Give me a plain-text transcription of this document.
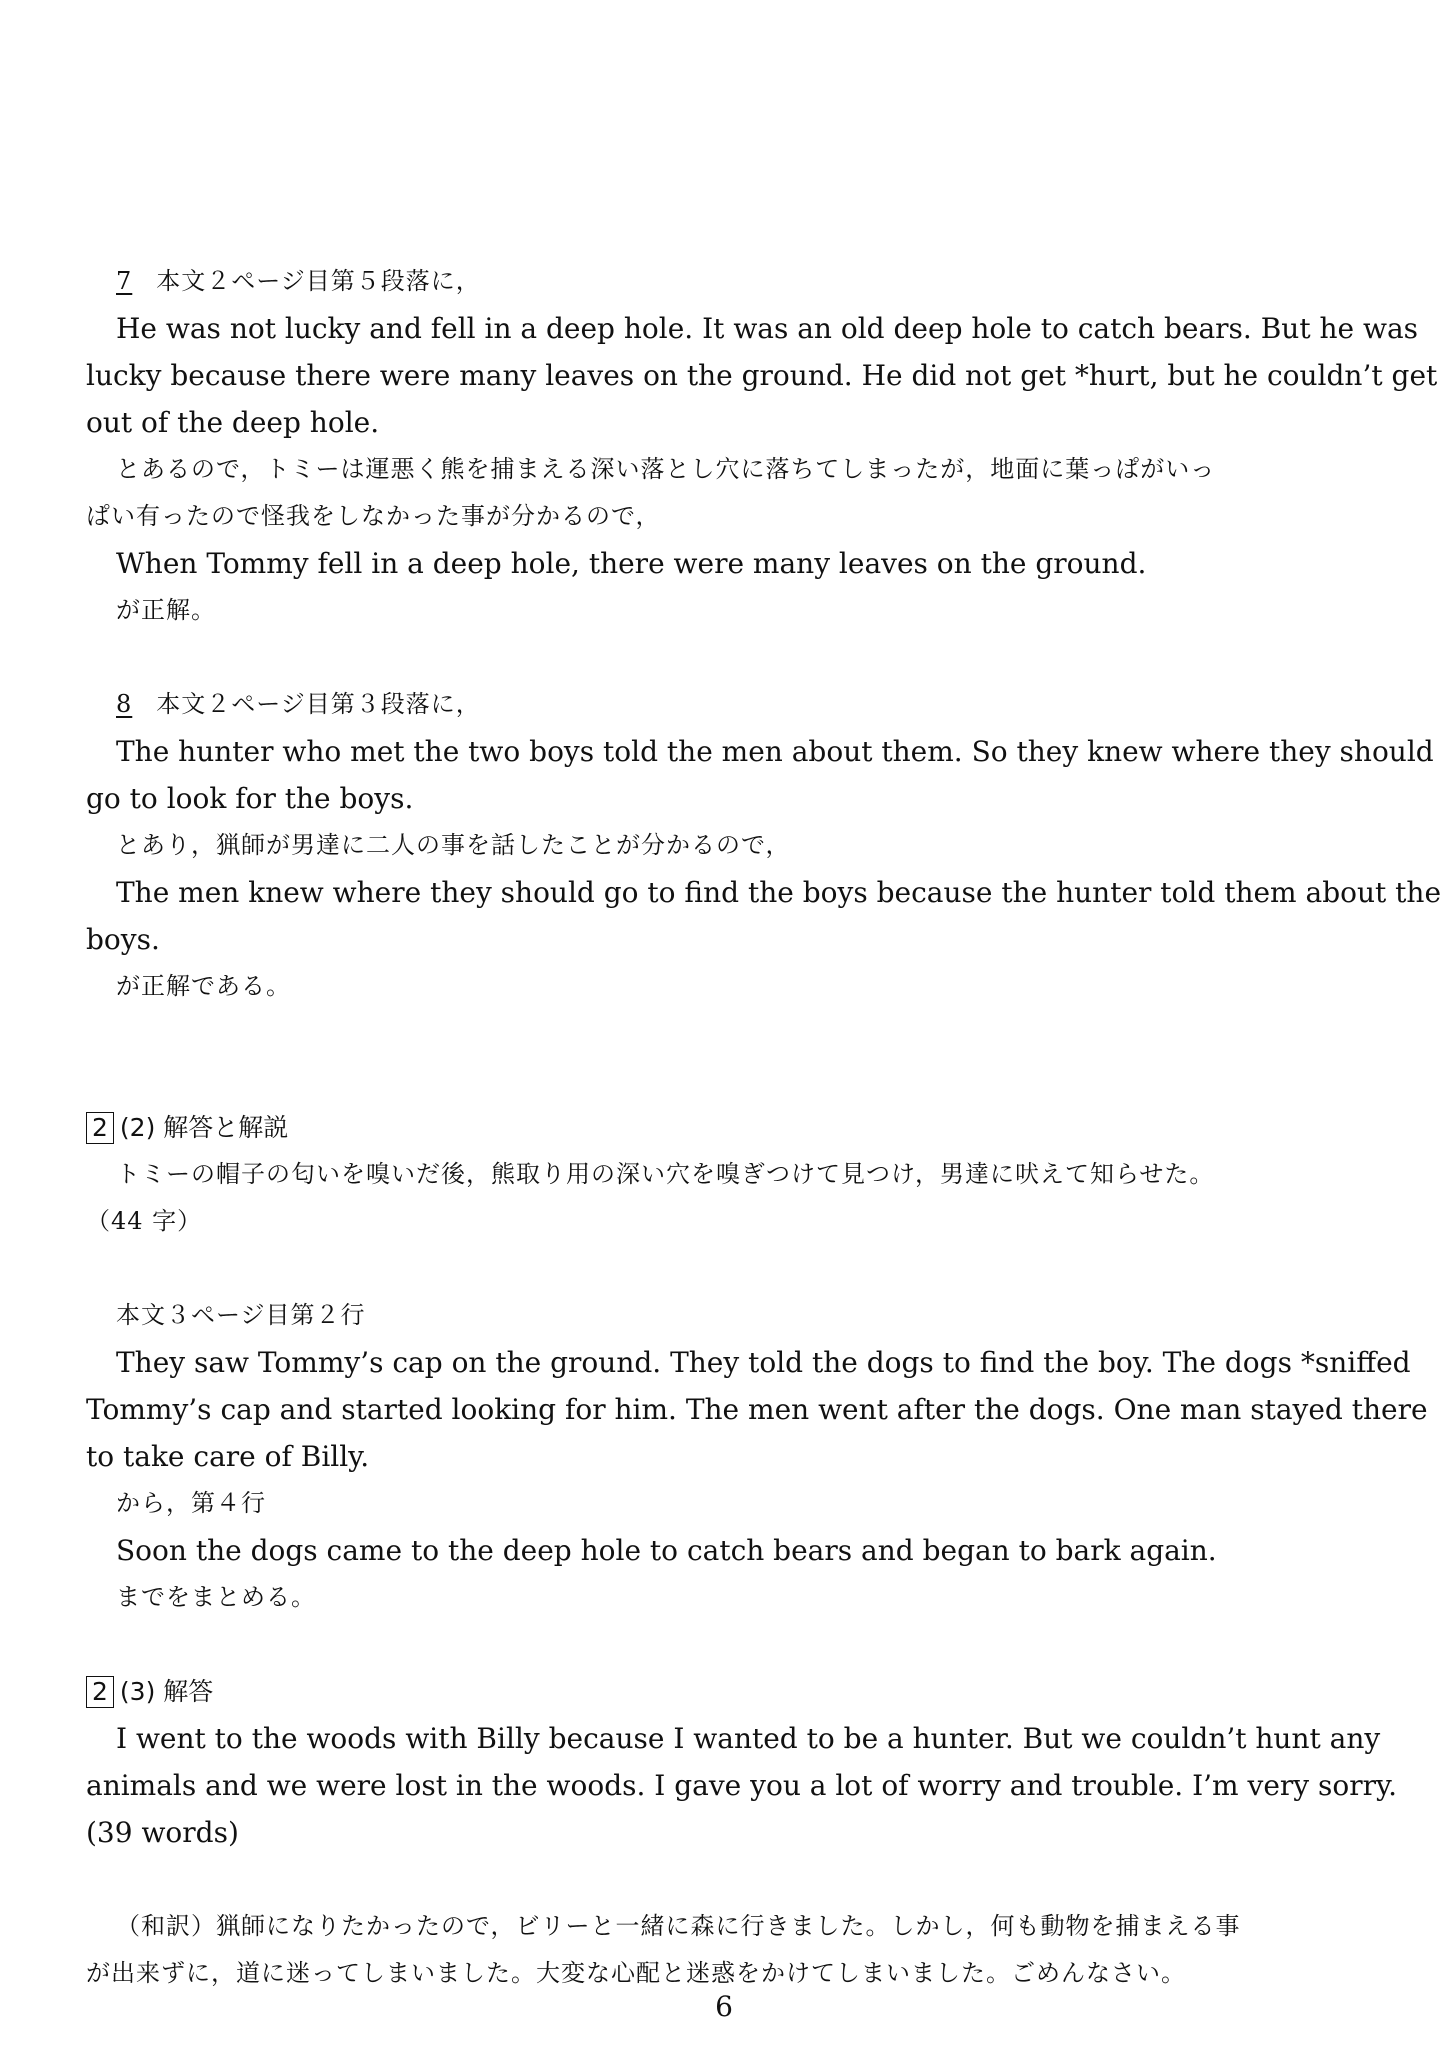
7 本文２ページ目第５段落に，
He was not lucky and fell in a deep hole. It was an old deep hole to catch bears. But he was
lucky because there were many leaves on the ground. He did not get *hurt, but he couldn’t get
out of the deep hole.
とあるので，トミーは運悪く熊を捕まえる深い落とし穴に落ちてしまったが，地面に葉っぱがいっ
ぱい有ったので怪我をしなかった事が分かるので，
When Tommy fell in a deep hole, there were many leaves on the ground.
が正解。
8 本文２ページ目第３段落に，
The hunter who met the two boys told the men about them. So they knew where they should
go to look for the boys.
とあり，猟師が男達に二人の事を話したことが分かるので，
The men knew where they should go to find the boys because the hunter told them about the
boys.
が正解である。
2 (2) 解答と解説
トミーの帽子の匂いを嗅いだ後，熊取り用の深い穴を嗅ぎつけて見つけ，男達に吠えて知らせた。
（44 字）
本文３ページ目第２行
They saw Tommy’s cap on the ground. They told the dogs to find the boy. The dogs *sniffed
Tommy’s cap and started looking for him. The men went after the dogs. One man stayed there
to take care of Billy.
から，第４行
Soon the dogs came to the deep hole to catch bears and began to bark again.
までをまとめる。
2 (3) 解答
I went to the woods with Billy because I wanted to be a hunter. But we couldn’t hunt any
animals and we were lost in the woods. I gave you a lot of worry and trouble. I’m very sorry.
(39 words)
（和訳）猟師になりたかったので，ビリーと一緒に森に行きました。しかし，何も動物を捕まえる事
が出来ずに，道に迷ってしまいました。大変な心配と迷惑をかけてしまいました。ごめんなさい。
6
